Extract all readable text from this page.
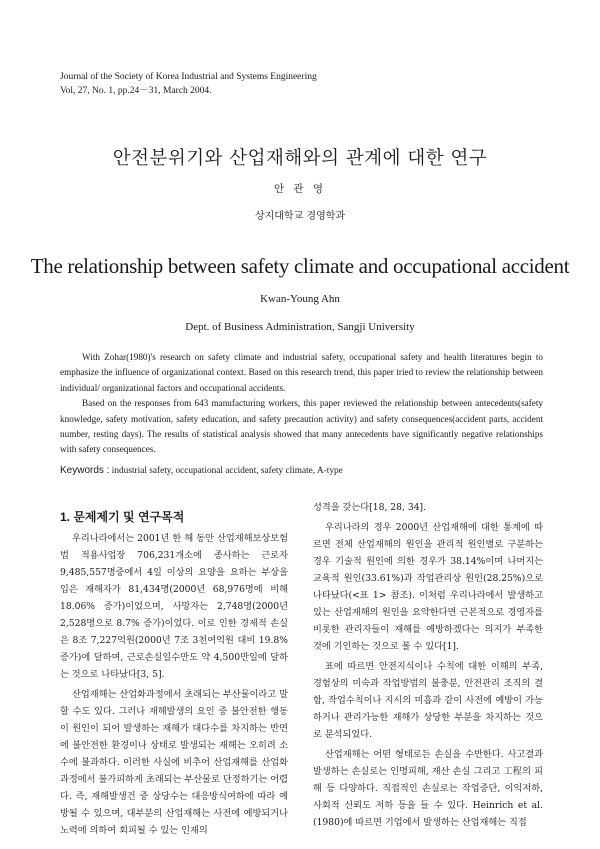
Journal of the Society of Korea Industrial and Systems Engineering
Vol, 27, No. 1, pp.24－31, March 2004.
안전분위기와 산업재해와의 관계에 대한 연구
안 관 영
상지대학교 경영학과
The relationship between safety climate and occupational accident
Kwan-Young Ahn
Dept. of Business Administration, Sangji University

With Zohar(1980)'s research on safety climate and industrial safety, occupational safety and health literatures begin to emphasize the influence of organizational context. Based on this research trend, this paper tried to review the relationship between individual/ organizational factors and occupational accidents.

Based on the responses from 643 manufacturing workers, this paper reviewed the relationship between antecedents(safety knowledge, safety motivation, safety education, and safety precaution activity) and safety consequences(accident parts, accident number, resting days). The results of statistical analysis showed that many antecedents have significantly negative relationships with safety consequences.

Keywords : industrial safety, occupational accident, safety climate, A-type
1. 문제제기 및 연구목적

우리나라에서는 2001년 한 해 동안 산업재해보상보험법 적용사업장 706,231개소에 종사하는 근로자 9,485,557명중에서 4일 이상의 요양을 요하는 부상을 입은 재해자가 81,434명(2000년 68,976명에 비해 18.06% 증가)이었으며, 사망자는 2,748명(2000년 2,528명으로 8.7% 증가)이었다. 이로 인한 경제적 손실은 8조 7,227억원(2000년 7조 3천여억원 대비 19.8% 증가)에 달하며, 근로손실일수만도 약 4,500만일에 달하는 것으로 나타났다[3, 5].

산업재해는 산업화과정에서 초래되는 부산물이라고 말할 수도 있다. 그러나 재해발생의 요인 중 불안전한 행동이 원인이 되어 발생하는 재해가 대다수를 차지하는 반면에 불안전한 환경이나 상태로 발생되는 재해는 오히려 소수에 불과하다. 이러한 사실에 비추어 산업재해를 산업화과정에서 불가피하게 초래되는 부산물로 단정하기는 어렵다. 즉, 재해발생건 중 상당수는 대응방식여하에 따라 예방될 수 있으며, 대부분의 산업재해는 사전에 예방되거나 노력에 의하여 회피될 수 있는 인재의

성격을 갖는다[18, 28, 34].

우리나라의 경우 2000년 산업재해에 대한 통계에 따르면 전체 산업재해의 원인을 관리적 원인별로 구분하는 경우 기술적 원인에 의한 경우가 38.14%이며 나머지는 교육적 원인(33.61%)과 작업관리상 원인(28.25%)으로 나타났다(<표 1> 참조). 이처럼 우리나라에서 발생하고 있는 산업재해의 원인을 요약한다면 근본적으로 경영자를 비롯한 관리자들이 재해를 예방하겠다는 의지가 부족한 것에 기인하는 것으로 볼 수 있다[1].

표에 따르면 안전지식이나 수칙에 대한 이해의 부족, 경험상의 미숙과 작업방법의 불충분, 안전관리 조직의 결함, 작업수칙이나 지시의 미흡과 같이 사전에 예방이 가능하거나 관리가능한 재해가 상당한 부분을 차지하는 것으로 분석되었다.

산업재해는 어떤 형태로든 손실을 수반한다. 사고결과 발생하는 손실로는 인명피해, 재산 손실 그리고 工程의 피해 등 다양하다. 직접적인 손실로는 작업중단, 이익저하, 사회적 신뢰도 저하 등을 들 수 있다. Heinrich et al.(1980)에 따르면 기업에서 발생하는 산업재해는 직접
